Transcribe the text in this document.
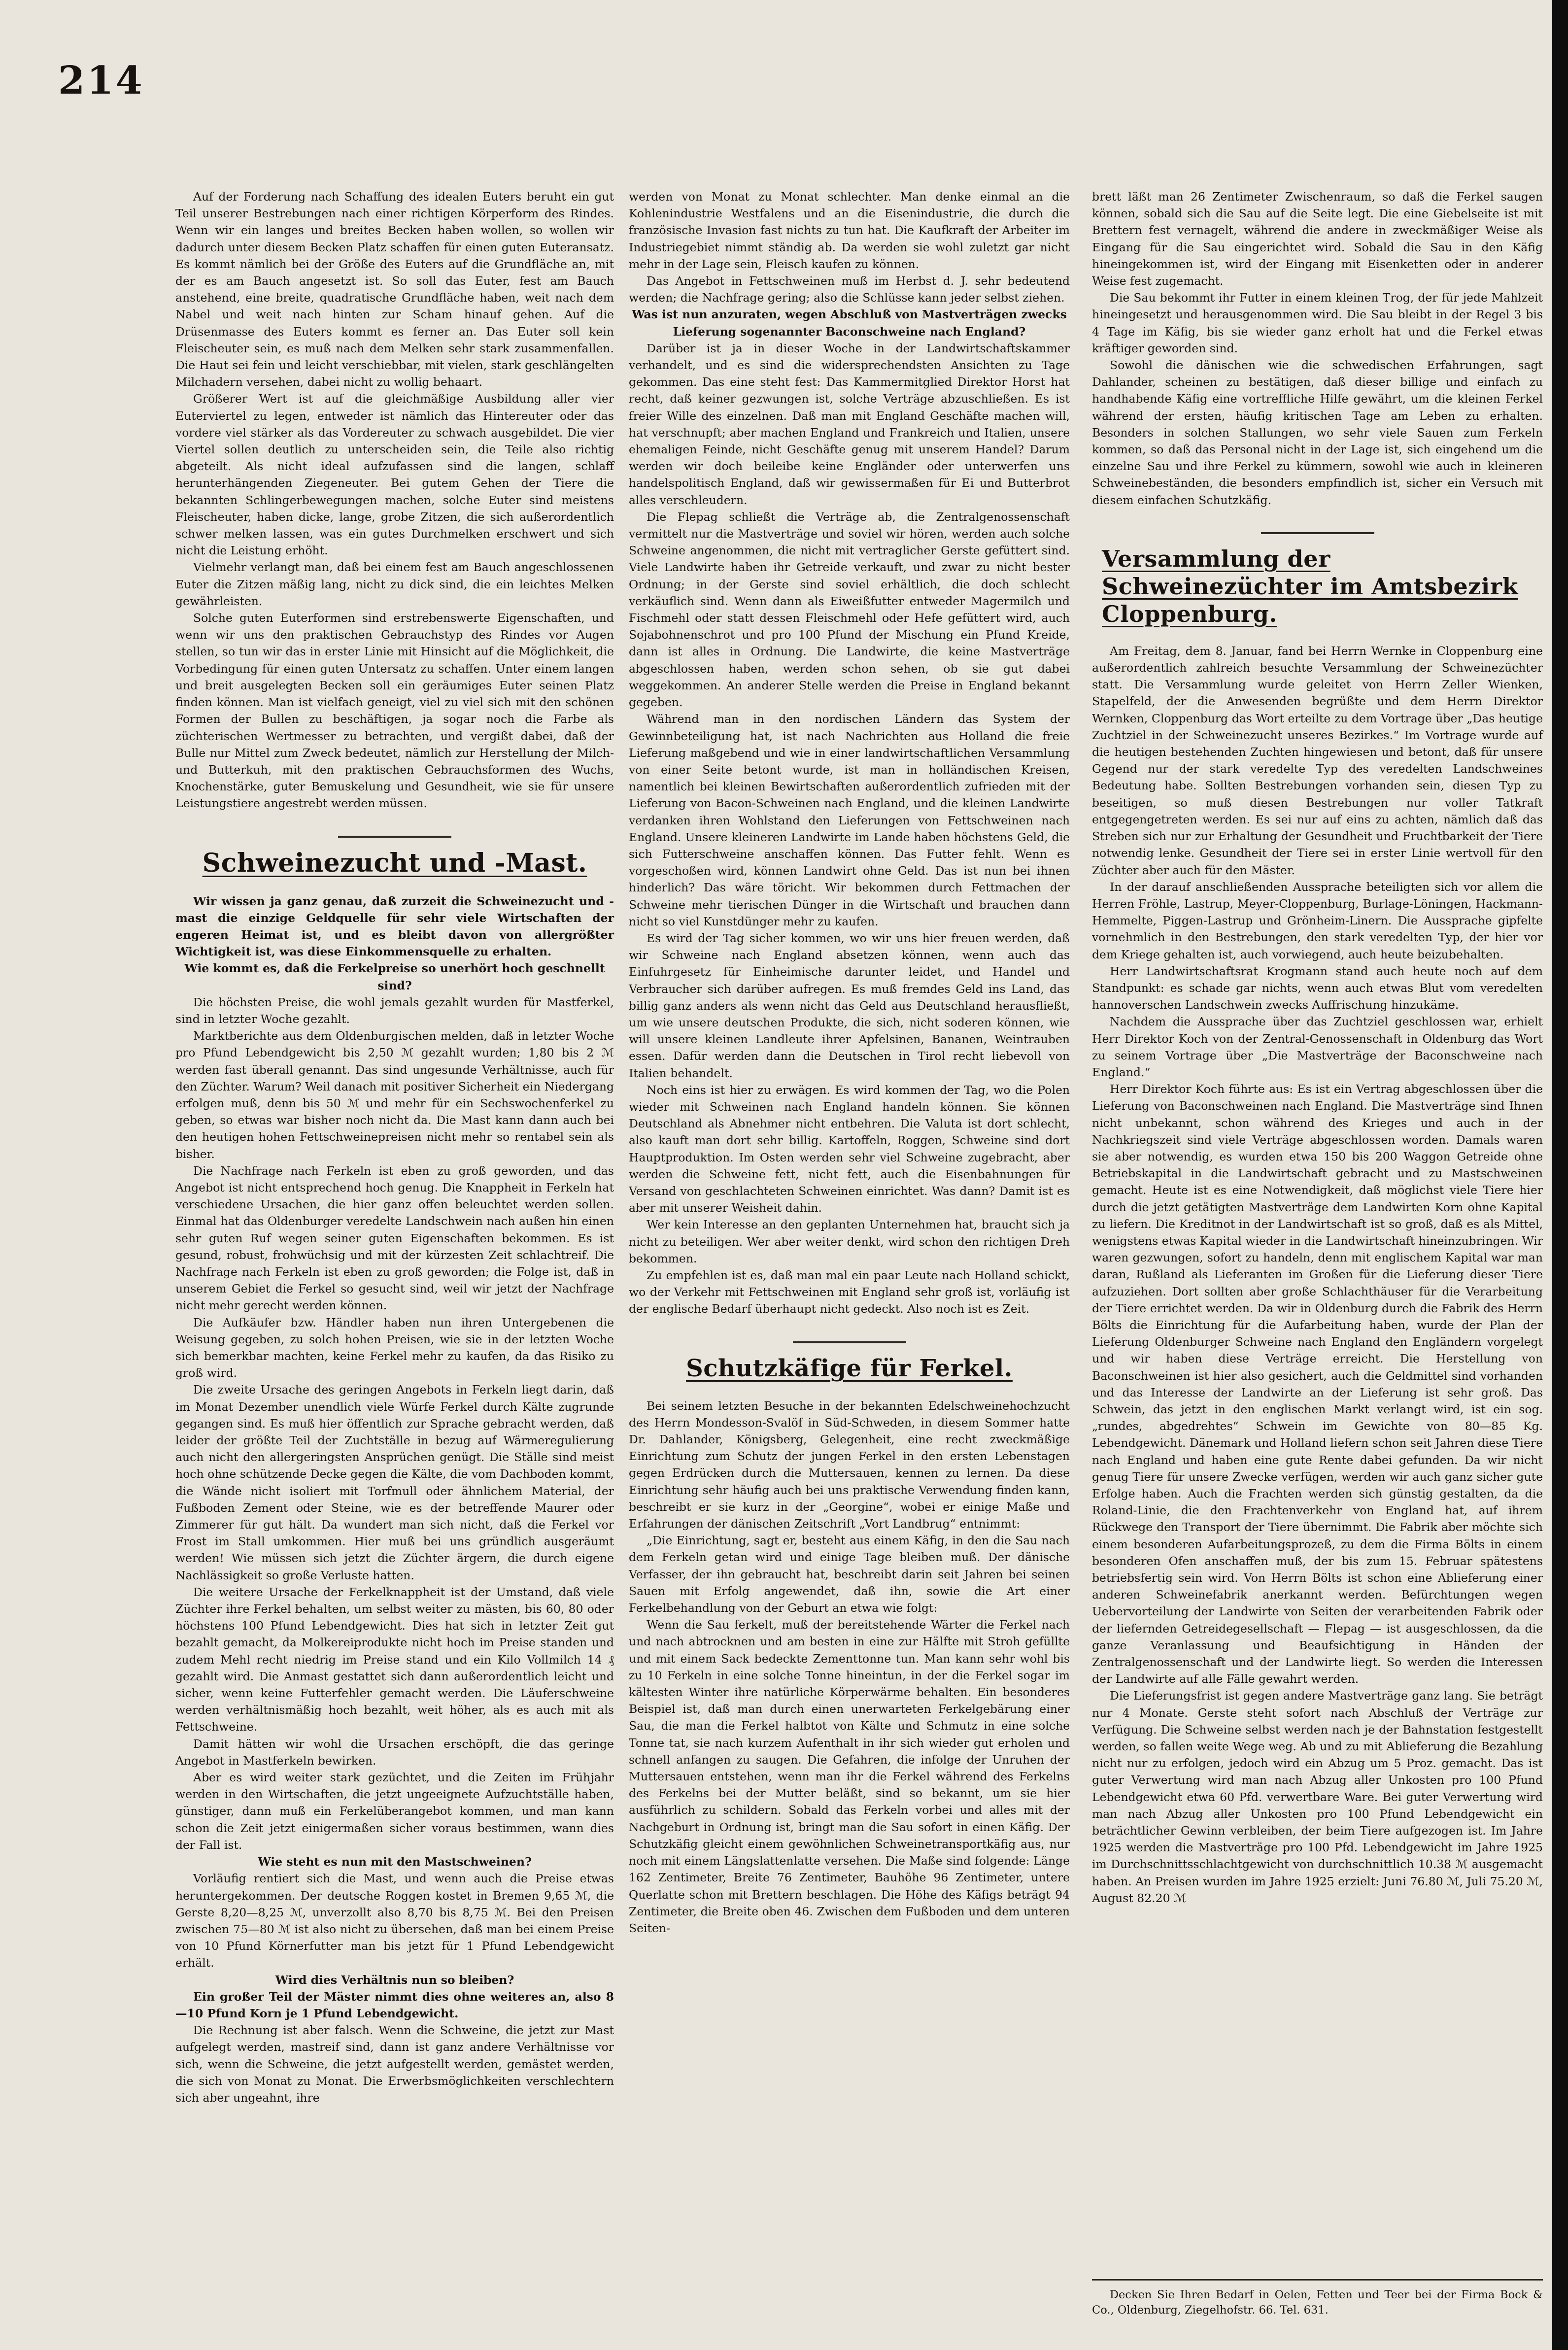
214

Auf der Forderung nach Schaffung des idealen Euters beruht ein gut Teil unserer Bestrebungen nach einer richtigen Körperform des Rindes. Wenn wir ein langes und breites Becken haben wollen, so wollen wir dadurch unter diesem Becken Platz schaffen für einen guten Euteransatz. Es kommt nämlich bei der Größe des Euters auf die Grundfläche an, mit der es am Bauch angesetzt ist. So soll das Euter, fest am Bauch anstehend, eine breite, quadratische Grundfläche haben, weit nach dem Nabel und weit nach hinten zur Scham hinauf gehen. Auf die Drüsenmasse des Euters kommt es ferner an. Das Euter soll kein Fleischeuter sein, es muß nach dem Melken sehr stark zusammenfallen. Die Haut sei fein und leicht verschiebbar, mit vielen, stark geschlängelten Milchadern versehen, dabei nicht zu wollig behaart.

Größerer Wert ist auf die gleichmäßige Ausbildung aller vier Euterviertel zu legen, entweder ist nämlich das Hintereuter oder das vordere viel stärker als das Vordereuter zu schwach ausgebildet. Die vier Viertel sollen deutlich zu unterscheiden sein, die Teile also richtig abgeteilt. Als nicht ideal aufzufassen sind die langen, schlaff herunterhängenden Ziegeneuter. Bei gutem Gehen der Tiere die bekannten Schlingerbewegungen machen, solche Euter sind meistens Fleischeuter, haben dicke, lange, grobe Zitzen, die sich außerordentlich schwer melken lassen, was ein gutes Durchmelken erschwert und sich nicht die Leistung erhöht.

Vielmehr verlangt man, daß bei einem fest am Bauch angeschlossenen Euter die Zitzen mäßig lang, nicht zu dick sind, die ein leichtes Melken gewährleisten.

Solche guten Euterformen sind erstrebenswerte Eigenschaften, und wenn wir uns den praktischen Gebrauchstyp des Rindes vor Augen stellen, so tun wir das in erster Linie mit Hinsicht auf die Möglichkeit, die Vorbedingung für einen guten Untersatz zu schaffen. Unter einem langen und breit ausgelegten Becken soll ein geräumiges Euter seinen Platz finden können. Man ist vielfach geneigt, viel zu viel sich mit den schönen Formen der Bullen zu beschäftigen, ja sogar noch die Farbe als züchterischen Wertmesser zu betrachten, und vergißt dabei, daß der Bulle nur Mittel zum Zweck bedeutet, nämlich zur Herstellung der Milch- und Butterkuh, mit den praktischen Gebrauchsformen des Wuchs, Knochenstärke, guter Bemuskelung und Gesundheit, wie sie für unsere Leistungstiere angestrebt werden müssen.

Schweinezucht und -Mast.

Wir wissen ja ganz genau, daß zurzeit die Schweinezucht und -mast die einzige Geldquelle für sehr viele Wirtschaften der engeren Heimat ist, und es bleibt davon von allergrößter Wichtigkeit ist, was diese Einkommensquelle zu erhalten.

Wie kommt es, daß die Ferkelpreise so unerhört hoch geschnellt sind?

Die höchsten Preise, die wohl jemals gezahlt wurden für Mastferkel, sind in letzter Woche gezahlt.

Marktberichte aus dem Oldenburgischen melden, daß in letzter Woche pro Pfund Lebendgewicht bis 2,50 ℳ gezahlt wurden; 1,80 bis 2 ℳ werden fast überall genannt. Das sind ungesunde Verhältnisse, auch für den Züchter. Warum? Weil danach mit positiver Sicherheit ein Niedergang erfolgen muß, denn bis 50 ℳ und mehr für ein Sechswochenferkel zu geben, so etwas war bisher noch nicht da. Die Mast kann dann auch bei den heutigen hohen Fettschweinepreisen nicht mehr so rentabel sein als bisher.

Die Nachfrage nach Ferkeln ist eben zu groß geworden, und das Angebot ist nicht entsprechend hoch genug. Die Knappheit in Ferkeln hat verschiedene Ursachen, die hier ganz offen beleuchtet werden sollen. Einmal hat das Oldenburger veredelte Landschwein nach außen hin einen sehr guten Ruf wegen seiner guten Eigenschaften bekommen. Es ist gesund, robust, frohwüchsig und mit der kürzesten Zeit schlachtreif. Die Nachfrage nach Ferkeln ist eben zu groß geworden; die Folge ist, daß in unserem Gebiet die Ferkel so gesucht sind, weil wir jetzt der Nachfrage nicht mehr gerecht werden können.

Die Aufkäufer bzw. Händler haben nun ihren Untergebenen die Weisung gegeben, zu solch hohen Preisen, wie sie in der letzten Woche sich bemerkbar machten, keine Ferkel mehr zu kaufen, da das Risiko zu groß wird.

Die zweite Ursache des geringen Angebots in Ferkeln liegt darin, daß im Monat Dezember unendlich viele Würfe Ferkel durch Kälte zugrunde gegangen sind. Es muß hier öffentlich zur Sprache gebracht werden, daß leider der größte Teil der Zuchtställe in bezug auf Wärmeregulierung auch nicht den allergeringsten Ansprüchen genügt. Die Ställe sind meist hoch ohne schützende Decke gegen die Kälte, die vom Dachboden kommt, die Wände nicht isoliert mit Torfmull oder ähnlichem Material, der Fußboden Zement oder Steine, wie es der betreffende Maurer oder Zimmerer für gut hält. Da wundert man sich nicht, daß die Ferkel vor Frost im Stall umkommen. Hier muß bei uns gründlich ausgeräumt werden! Wie müssen sich jetzt die Züchter ärgern, die durch eigene Nachlässigkeit so große Verluste hatten.

Die weitere Ursache der Ferkelknappheit ist der Umstand, daß viele Züchter ihre Ferkel behalten, um selbst weiter zu mästen, bis 60, 80 oder höchstens 100 Pfund Lebendgewicht. Dies hat sich in letzter Zeit gut bezahlt gemacht, da Molkereiprodukte nicht hoch im Preise standen und zudem Mehl recht niedrig im Preise stand und ein Kilo Vollmilch 14 ₰ gezahlt wird. Die Anmast gestattet sich dann außerordentlich leicht und sicher, wenn keine Futterfehler gemacht werden. Die Läuferschweine werden verhältnismäßig hoch bezahlt, weit höher, als es auch mit als Fettschweine.

Damit hätten wir wohl die Ursachen erschöpft, die das geringe Angebot in Mastferkeln bewirken.

Aber es wird weiter stark gezüchtet, und die Zeiten im Frühjahr werden in den Wirtschaften, die jetzt ungeeignete Aufzuchtställe haben, günstiger, dann muß ein Ferkelüberangebot kommen, und man kann schon die Zeit jetzt einigermaßen sicher voraus bestimmen, wann dies der Fall ist.

Wie steht es nun mit den Mastschweinen?

Vorläufig rentiert sich die Mast, und wenn auch die Preise etwas heruntergekommen. Der deutsche Roggen kostet in Bremen 9,65 ℳ, die Gerste 8,20—8,25 ℳ, unverzollt also 8,70 bis 8,75 ℳ. Bei den Preisen zwischen 75—80 ℳ ist also nicht zu übersehen, daß man bei einem Preise von 10 Pfund Körnerfutter man bis jetzt für 1 Pfund Lebendgewicht erhält.

Wird dies Verhältnis nun so bleiben?

Ein großer Teil der Mäster nimmt dies ohne weiteres an, also 8—10 Pfund Korn je 1 Pfund Lebendgewicht.

Die Rechnung ist aber falsch. Wenn die Schweine, die jetzt zur Mast aufgelegt werden, mastreif sind, dann ist ganz andere Verhältnisse vor sich, wenn die Schweine, die jetzt aufgestellt werden, gemästet werden, die sich von Monat zu Monat. Die Erwerbsmöglichkeiten verschlechtern sich aber ungeahnt, ihre

werden von Monat zu Monat schlechter. Man denke einmal an die Kohlenindustrie Westfalens und an die Eisenindustrie, die durch die französische Invasion fast nichts zu tun hat. Die Kaufkraft der Arbeiter im Industriegebiet nimmt ständig ab. Da werden sie wohl zuletzt gar nicht mehr in der Lage sein, Fleisch kaufen zu können.

Das Angebot in Fettschweinen muß im Herbst d. J. sehr bedeutend werden; die Nachfrage gering; also die Schlüsse kann jeder selbst ziehen.

Was ist nun anzuraten, wegen Abschluß von Mastverträgen zwecks Lieferung sogenannter Baconschweine nach England?

Darüber ist ja in dieser Woche in der Landwirtschaftskammer verhandelt, und es sind die widersprechendsten Ansichten zu Tage gekommen. Das eine steht fest: Das Kammermitglied Direktor Horst hat recht, daß keiner gezwungen ist, solche Verträge abzuschließen. Es ist freier Wille des einzelnen. Daß man mit England Geschäfte machen will, hat verschnupft; aber machen England und Frankreich und Italien, unsere ehemaligen Feinde, nicht Geschäfte genug mit unserem Handel? Darum werden wir doch beileibe keine Engländer oder unterwerfen uns handelspolitisch England, daß wir gewissermaßen für Ei und Butterbrot alles verschleudern.

Die Flepag schließt die Verträge ab, die Zentralgenossenschaft vermittelt nur die Mastverträge und soviel wir hören, werden auch solche Schweine angenommen, die nicht mit vertraglicher Gerste gefüttert sind. Viele Landwirte haben ihr Getreide verkauft, und zwar zu nicht bester Ordnung; in der Gerste sind soviel erhältlich, die doch schlecht verkäuflich sind. Wenn dann als Eiweißfutter entweder Magermilch und Fischmehl oder statt dessen Fleischmehl oder Hefe gefüttert wird, auch Sojabohnenschrot und pro 100 Pfund der Mischung ein Pfund Kreide, dann ist alles in Ordnung. Die Landwirte, die keine Mastverträge abgeschlossen haben, werden schon sehen, ob sie gut dabei weggekommen. An anderer Stelle werden die Preise in England bekannt gegeben.

Während man in den nordischen Ländern das System der Gewinnbeteiligung hat, ist nach Nachrichten aus Holland die freie Lieferung maßgebend und wie in einer landwirtschaftlichen Versammlung von einer Seite betont wurde, ist man in holländischen Kreisen, namentlich bei kleinen Bewirtschaften außerordentlich zufrieden mit der Lieferung von Bacon-Schweinen nach England, und die kleinen Landwirte verdanken ihren Wohlstand den Lieferungen von Fettschweinen nach England. Unsere kleineren Landwirte im Lande haben höchstens Geld, die sich Futterschweine anschaffen können. Das Futter fehlt. Wenn es vorgeschoßen wird, können Landwirt ohne Geld. Das ist nun bei ihnen hinderlich? Das wäre töricht. Wir bekommen durch Fettmachen der Schweine mehr tierischen Dünger in die Wirtschaft und brauchen dann nicht so viel Kunstdünger mehr zu kaufen.

Es wird der Tag sicher kommen, wo wir uns hier freuen werden, daß wir Schweine nach England absetzen können, wenn auch das Einfuhrgesetz für Einheimische darunter leidet, und Handel und Verbraucher sich darüber aufregen. Es muß fremdes Geld ins Land, das billig ganz anders als wenn nicht das Geld aus Deutschland herausfließt, um wie unsere deutschen Produkte, die sich, nicht soderen können, wie will unsere kleinen Landleute ihrer Apfelsinen, Bananen, Weintrauben essen. Dafür werden dann die Deutschen in Tirol recht liebevoll von Italien behandelt.

Noch eins ist hier zu erwägen. Es wird kommen der Tag, wo die Polen wieder mit Schweinen nach England handeln können. Sie können Deutschland als Abnehmer nicht entbehren. Die Valuta ist dort schlecht, also kauft man dort sehr billig. Kartoffeln, Roggen, Schweine sind dort Hauptproduktion. Im Osten werden sehr viel Schweine zugebracht, aber werden die Schweine fett, nicht fett, auch die Eisenbahnungen für Versand von geschlachteten Schweinen einrichtet. Was dann? Damit ist es aber mit unserer Weisheit dahin.

Wer kein Interesse an den geplanten Unternehmen hat, braucht sich ja nicht zu beteiligen. Wer aber weiter denkt, wird schon den richtigen Dreh bekommen.

Zu empfehlen ist es, daß man mal ein paar Leute nach Holland schickt, wo der Verkehr mit Fettschweinen mit England sehr groß ist, vorläufig ist der englische Bedarf überhaupt nicht gedeckt. Also noch ist es Zeit.

Schutzkäfige für Ferkel.

Bei seinem letzten Besuche in der bekannten Edelschweinehochzucht des Herrn Mondesson-Svalöf in Süd-Schweden, in diesem Sommer hatte Dr. Dahlander, Königsberg, Gelegenheit, eine recht zweckmäßige Einrichtung zum Schutz der jungen Ferkel in den ersten Lebenstagen gegen Erdrücken durch die Muttersauen, kennen zu lernen. Da diese Einrichtung sehr häufig auch bei uns praktische Verwendung finden kann, beschreibt er sie kurz in der „Georgine“, wobei er einige Maße und Erfahrungen der dänischen Zeitschrift „Vort Landbrug“ entnimmt:

„Die Einrichtung, sagt er, besteht aus einem Käfig, in den die Sau nach dem Ferkeln getan wird und einige Tage bleiben muß. Der dänische Verfasser, der ihn gebraucht hat, beschreibt darin seit Jahren bei seinen Sauen mit Erfolg angewendet, daß ihn, sowie die Art einer Ferkelbehandlung von der Geburt an etwa wie folgt:

Wenn die Sau ferkelt, muß der bereitstehende Wärter die Ferkel nach und nach abtrocknen und am besten in eine zur Hälfte mit Stroh gefüllte und mit einem Sack bedeckte Zementtonne tun. Man kann sehr wohl bis zu 10 Ferkeln in eine solche Tonne hineintun, in der die Ferkel sogar im kältesten Winter ihre natürliche Körperwärme behalten. Ein besonderes Beispiel ist, daß man durch einen unerwarteten Ferkelgebärung einer Sau, die man die Ferkel halbtot von Kälte und Schmutz in eine solche Tonne tat, sie nach kurzem Aufenthalt in ihr sich wieder gut erholen und schnell anfangen zu saugen. Die Gefahren, die infolge der Unruhen der Muttersauen entstehen, wenn man ihr die Ferkel während des Ferkelns des Ferkelns bei der Mutter beläßt, sind so bekannt, um sie hier ausführlich zu schildern. Sobald das Ferkeln vorbei und alles mit der Nachgeburt in Ordnung ist, bringt man die Sau sofort in einen Käfig. Der Schutzkäfig gleicht einem gewöhnlichen Schweinetransportkäfig aus, nur noch mit einem Längslattenlatte versehen. Die Maße sind folgende: Länge 162 Zentimeter, Breite 76 Zentimeter, Bauhöhe 96 Zentimeter, untere Querlatte schon mit Brettern beschlagen. Die Höhe des Käfigs beträgt 94 Zentimeter, die Breite oben 46. Zwischen dem Fußboden und dem unteren Seiten-

brett läßt man 26 Zentimeter Zwischenraum, so daß die Ferkel saugen können, sobald sich die Sau auf die Seite legt. Die eine Giebelseite ist mit Brettern fest vernagelt, während die andere in zweckmäßiger Weise als Eingang für die Sau eingerichtet wird. Sobald die Sau in den Käfig hineingekommen ist, wird der Eingang mit Eisenketten oder in anderer Weise fest zugemacht.

Die Sau bekommt ihr Futter in einem kleinen Trog, der für jede Mahlzeit hineingesetzt und herausgenommen wird. Die Sau bleibt in der Regel 3 bis 4 Tage im Käfig, bis sie wieder ganz erholt hat und die Ferkel etwas kräftiger geworden sind.

Sowohl die dänischen wie die schwedischen Erfahrungen, sagt Dahlander, scheinen zu bestätigen, daß dieser billige und einfach zu handhabende Käfig eine vortreffliche Hilfe gewährt, um die kleinen Ferkel während der ersten, häufig kritischen Tage am Leben zu erhalten. Besonders in solchen Stallungen, wo sehr viele Sauen zum Ferkeln kommen, so daß das Personal nicht in der Lage ist, sich eingehend um die einzelne Sau und ihre Ferkel zu kümmern, sowohl wie auch in kleineren Schweinebeständen, die besonders empfindlich ist, sicher ein Versuch mit diesem einfachen Schutzkäfig.

Versammlung der Schweinezüchter im Amtsbezirk Cloppenburg.

Am Freitag, dem 8. Januar, fand bei Herrn Wernke in Cloppenburg eine außerordentlich zahlreich besuchte Versammlung der Schweinezüchter statt. Die Versammlung wurde geleitet von Herrn Zeller Wienken, Stapelfeld, der die Anwesenden begrüßte und dem Herrn Direktor Wernken, Cloppenburg das Wort erteilte zu dem Vortrage über „Das heutige Zuchtziel in der Schweinezucht unseres Bezirkes.“ Im Vortrage wurde auf die heutigen bestehenden Zuchten hingewiesen und betont, daß für unsere Gegend nur der stark veredelte Typ des veredelten Landschweines Bedeutung habe. Sollten Bestrebungen vorhanden sein, diesen Typ zu beseitigen, so muß diesen Bestrebungen nur voller Tatkraft entgegengetreten werden. Es sei nur auf eins zu achten, nämlich daß das Streben sich nur zur Erhaltung der Gesundheit und Fruchtbarkeit der Tiere notwendig lenke. Gesundheit der Tiere sei in erster Linie wertvoll für den Züchter aber auch für den Mäster.

In der darauf anschließenden Aussprache beteiligten sich vor allem die Herren Fröhle, Lastrup, Meyer-Cloppenburg, Burlage-Löningen, Hackmann-Hemmelte, Piggen-Lastrup und Grönheim-Linern. Die Aussprache gipfelte vornehmlich in den Bestrebungen, den stark veredelten Typ, der hier vor dem Kriege gehalten ist, auch vorwiegend, auch heute beizubehalten.

Herr Landwirtschaftsrat Krogmann stand auch heute noch auf dem Standpunkt: es schade gar nichts, wenn auch etwas Blut vom veredelten hannoverschen Landschwein zwecks Auffrischung hinzukäme.

Nachdem die Aussprache über das Zuchtziel geschlossen war, erhielt Herr Direktor Koch von der Zentral-Genossenschaft in Oldenburg das Wort zu seinem Vortrage über „Die Mastverträge der Baconschweine nach England.“

Herr Direktor Koch führte aus: Es ist ein Vertrag abgeschlossen über die Lieferung von Baconschweinen nach England. Die Mastverträge sind Ihnen nicht unbekannt, schon während des Krieges und auch in der Nachkriegszeit sind viele Verträge abgeschlossen worden. Damals waren sie aber notwendig, es wurden etwa 150 bis 200 Waggon Getreide ohne Betriebskapital in die Landwirtschaft gebracht und zu Mastschweinen gemacht. Heute ist es eine Notwendigkeit, daß möglichst viele Tiere hier durch die jetzt getätigten Mastverträge dem Landwirten Korn ohne Kapital zu liefern. Die Kreditnot in der Landwirtschaft ist so groß, daß es als Mittel, wenigstens etwas Kapital wieder in die Landwirtschaft hineinzubringen. Wir waren gezwungen, sofort zu handeln, denn mit englischem Kapital war man daran, Rußland als Lieferanten im Großen für die Lieferung dieser Tiere aufzuziehen. Dort sollten aber große Schlachthäuser für die Verarbeitung der Tiere errichtet werden. Da wir in Oldenburg durch die Fabrik des Herrn Bölts die Einrichtung für die Aufarbeitung haben, wurde der Plan der Lieferung Oldenburger Schweine nach England den Engländern vorgelegt und wir haben diese Verträge erreicht. Die Herstellung von Baconschweinen ist hier also gesichert, auch die Geldmittel sind vorhanden und das Interesse der Landwirte an der Lieferung ist sehr groß. Das Schwein, das jetzt in den englischen Markt verlangt wird, ist ein sog. „rundes, abgedrehtes“ Schwein im Gewichte von 80—85 Kg. Lebendgewicht. Dänemark und Holland liefern schon seit Jahren diese Tiere nach England und haben eine gute Rente dabei gefunden. Da wir nicht genug Tiere für unsere Zwecke verfügen, werden wir auch ganz sicher gute Erfolge haben. Auch die Frachten werden sich günstig gestalten, da die Roland-Linie, die den Frachtenverkehr von England hat, auf ihrem Rückwege den Transport der Tiere übernimmt. Die Fabrik aber möchte sich einem besonderen Aufarbeitungsprozeß, zu dem die Firma Bölts in einem besonderen Ofen anschaffen muß, der bis zum 15. Februar spätestens betriebsfertig sein wird. Von Herrn Bölts ist schon eine Ablieferung einer anderen Schweinefabrik anerkannt werden. Befürchtungen wegen Uebervorteilung der Landwirte von Seiten der verarbeitenden Fabrik oder der liefernden Getreidegesellschaft — Flepag — ist ausgeschlossen, da die ganze Veranlassung und Beaufsichtigung in Händen der Zentralgenossenschaft und der Landwirte liegt. So werden die Interessen der Landwirte auf alle Fälle gewahrt werden.

Die Lieferungsfrist ist gegen andere Mastverträge ganz lang. Sie beträgt nur 4 Monate. Gerste steht sofort nach Abschluß der Verträge zur Verfügung. Die Schweine selbst werden nach je der Bahnstation festgestellt werden, so fallen weite Wege weg. Ab und zu mit Ablieferung die Bezahlung nicht nur zu erfolgen, jedoch wird ein Abzug um 5 Proz. gemacht. Das ist guter Verwertung wird man nach Abzug aller Unkosten pro 100 Pfund Lebendgewicht etwa 60 Pfd. verwertbare Ware. Bei guter Verwertung wird man nach Abzug aller Unkosten pro 100 Pfund Lebendgewicht ein beträchtlicher Gewinn verbleiben, der beim Tiere aufgezogen ist. Im Jahre 1925 werden die Mastverträge pro 100 Pfd. Lebendgewicht im Jahre 1925 im Durchschnittsschlachtgewicht von durchschnittlich 10.38 ℳ ausgemacht haben. An Preisen wurden im Jahre 1925 erzielt: Juni 76.80 ℳ, Juli 75.20 ℳ, August 82.20 ℳ

Decken Sie Ihren Bedarf in Oelen, Fetten und Teer bei der Firma Bock & Co., Oldenburg, Ziegelhofstr. 66. Tel. 631.
